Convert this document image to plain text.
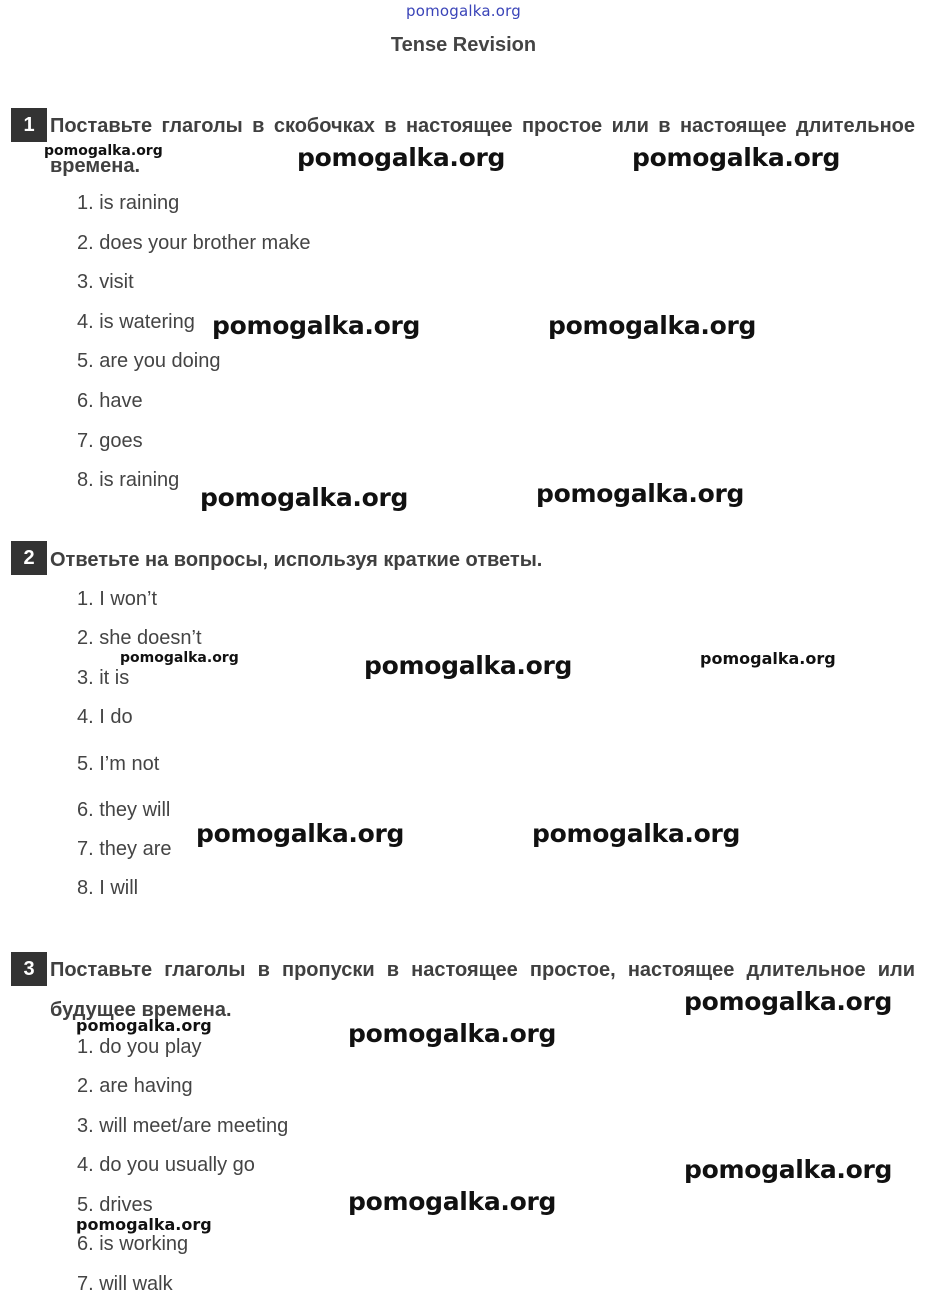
pomogalka.org
Tense Revision
1 Поставьте глаголы в скобочках в настоящее простое или в настоящее длительное времена.
1. is raining
2. does your brother make
3. visit
4. is watering
5. are you doing
6. have
7. goes
8. is raining
2 Ответьте на вопросы, используя краткие ответы.
1. I won’t
2. she doesn’t
3. it is
4. I do
5. I’m not
6. they will
7. they are
8. I will
3 Поставьте глаголы в пропуски в настоящее простое, настоящее длительное или будущее времена.
1. do you play
2. are having
3. will meet/are meeting
4. do you usually go
5. drives
6. is working
7. will walk
pomogalka.org	pomogalka.org	pomogalka.org
pomogalka.org	pomogalka.org
pomogalka.org	pomogalka.org
pomogalka.org	pomogalka.org	pomogalka.org
pomogalka.org	pomogalka.org
pomogalka.org
pomogalka.org	pomogalka.org
pomogalka.org
pomogalka.org
pomogalka.org
